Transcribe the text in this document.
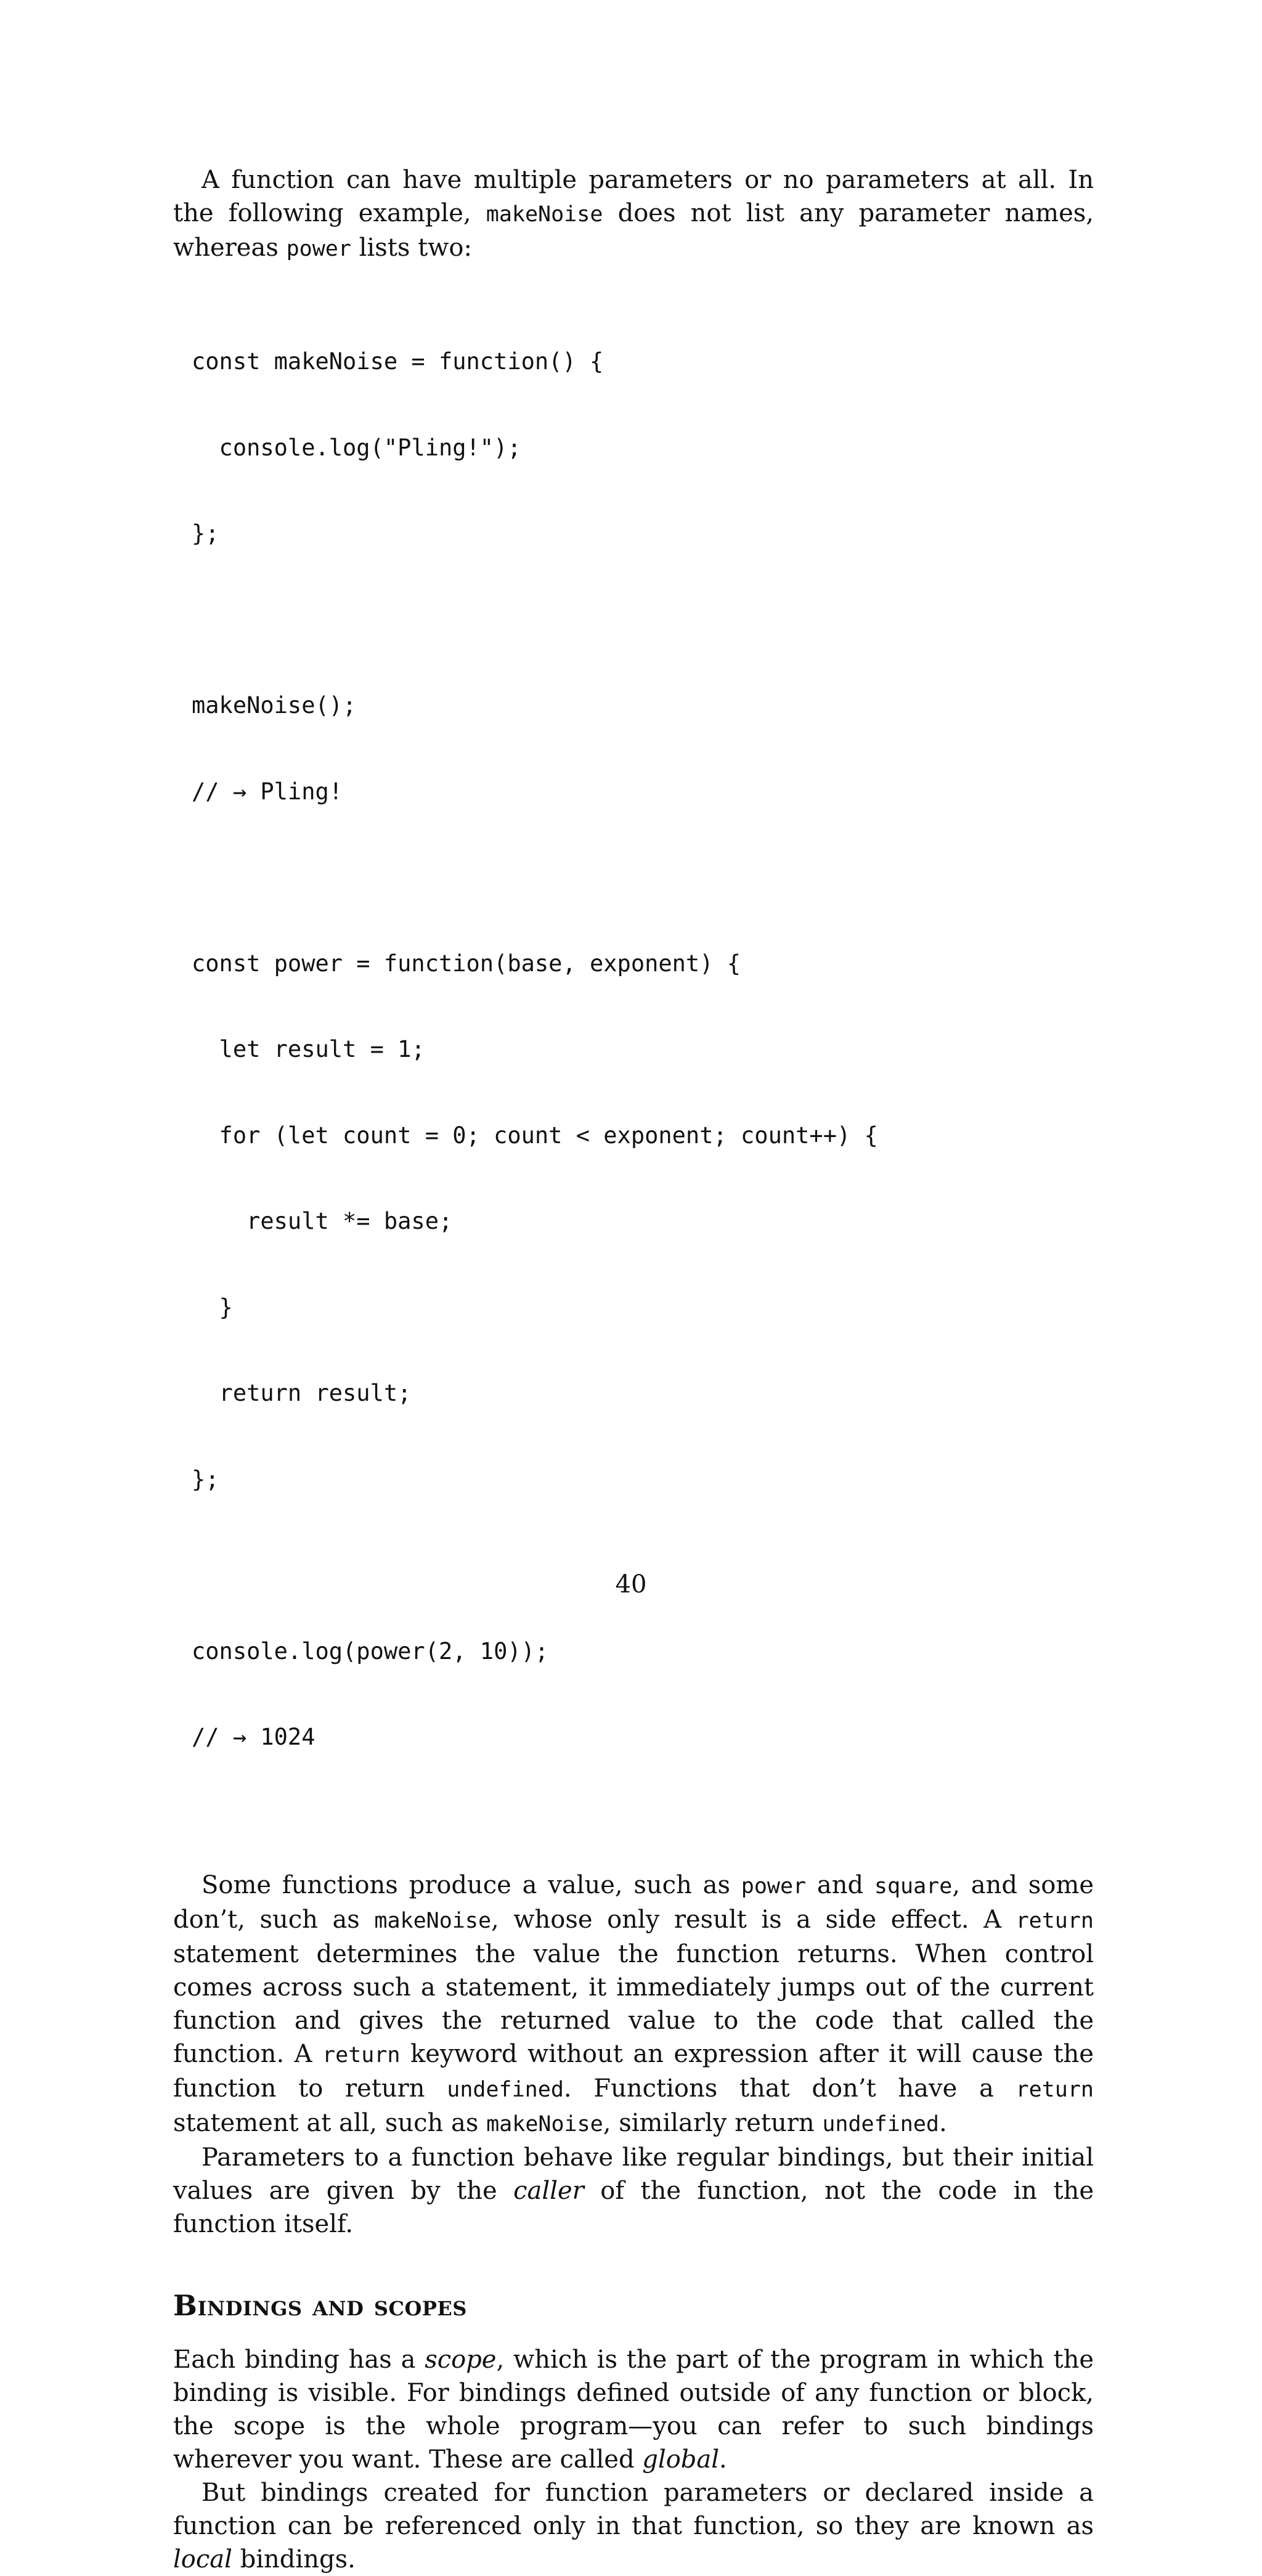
A function can have multiple parameters or no parameters at all. In the following example, makeNoise does not list any parameter names, whereas power lists two:

const makeNoise = function() {

console.log("Pling!");

};

makeNoise();

// → Pling!

const power = function(base, exponent) {

let result = 1;

for (let count = 0; count < exponent; count++) {

result *= base;

}

return result;

};

console.log(power(2, 10));

// → 1024

Some functions produce a value, such as power and square, and some don’t, such as makeNoise, whose only result is a side effect. A return statement determines the value the function returns. When control comes across such a statement, it immediately jumps out of the current function and gives the returned value to the code that called the function. A return keyword without an expression after it will cause the function to return undefined. Functions that don’t have a return statement at all, such as makeNoise, similarly return undefined.

Parameters to a function behave like regular bindings, but their initial values are given by the caller of the function, not the code in the function itself.

Bindings and scopes

Each binding has a scope, which is the part of the program in which the binding is visible. For bindings defined outside of any function or block, the scope is the whole program—you can refer to such bindings wherever you want. These are called global.

But bindings created for function parameters or declared inside a function can be referenced only in that function, so they are known as local bindings.

40
